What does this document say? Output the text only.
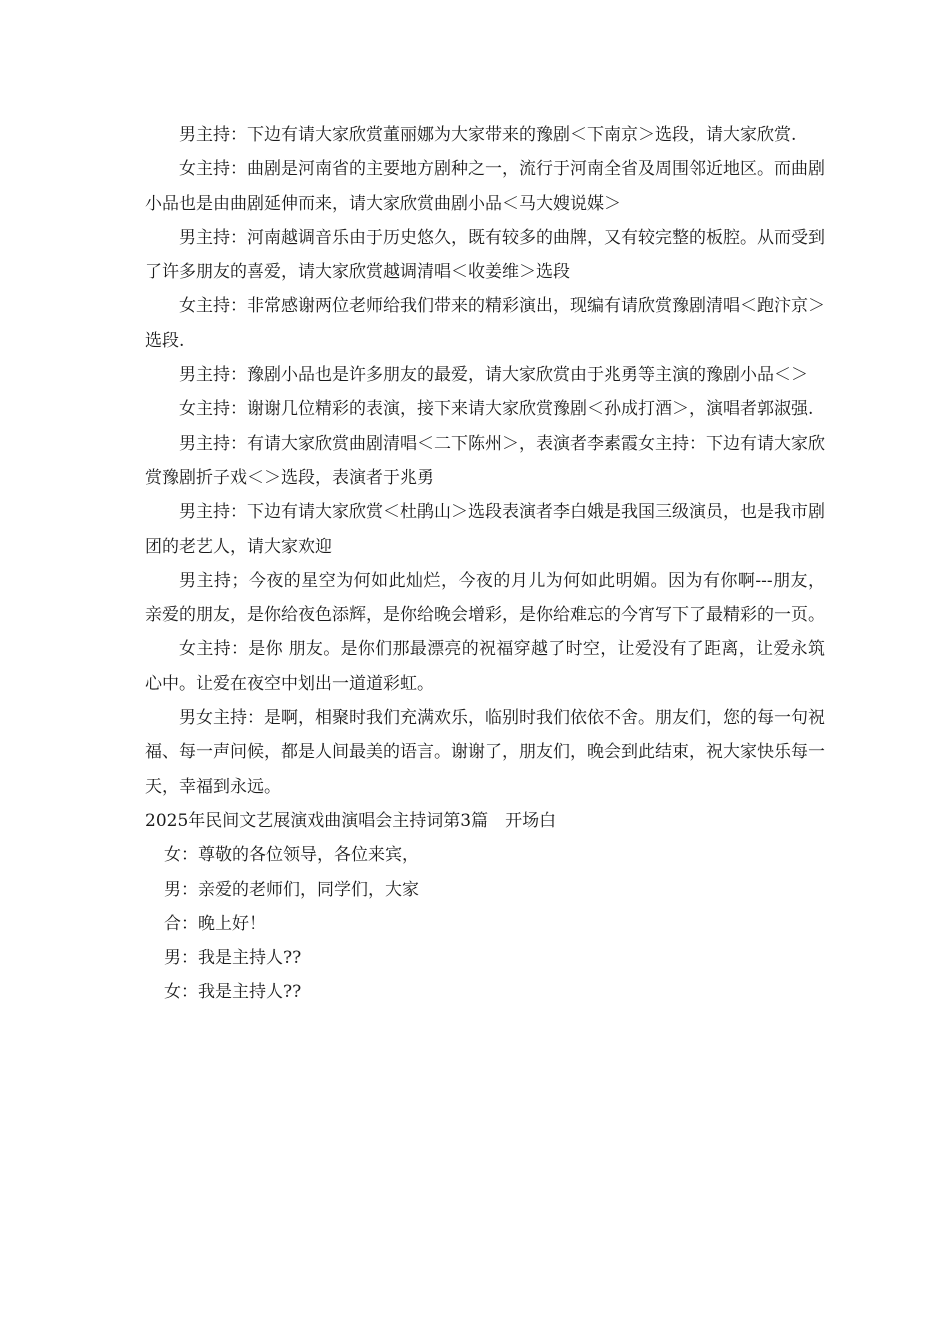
男主持：下边有请大家欣赏董丽娜为大家带来的豫剧＜下南京＞选段，请大家欣赏.

女主持：曲剧是河南省的主要地方剧种之一，流行于河南全省及周围邻近地区。而曲剧小品也是由曲剧延伸而来，请大家欣赏曲剧小品＜马大嫂说媒＞

男主持：河南越调音乐由于历史悠久，既有较多的曲牌，又有较完整的板腔。从而受到了许多朋友的喜爱，请大家欣赏越调清唱＜收姜维＞选段

女主持：非常感谢两位老师给我们带来的精彩演出，现编有请欣赏豫剧清唱＜跑汴京＞选段.

男主持：豫剧小品也是许多朋友的最爱，请大家欣赏由于兆勇等主演的豫剧小品＜＞

女主持：谢谢几位精彩的表演，接下来请大家欣赏豫剧＜孙成打酒＞，演唱者郭淑强.

男主持：有请大家欣赏曲剧清唱＜二下陈州＞，表演者李素霞女主持：下边有请大家欣赏豫剧折子戏＜＞选段，表演者于兆勇

男主持：下边有请大家欣赏＜杜鹃山＞选段表演者李白娥是我国三级演员，也是我市剧团的老艺人，请大家欢迎

男主持；今夜的星空为何如此灿烂，今夜的月儿为何如此明媚。因为有你啊---朋友，亲爱的朋友，是你给夜色添辉，是你给晚会增彩，是你给难忘的今宵写下了最精彩的一页。

女主持：是你 朋友。是你们那最漂亮的祝福穿越了时空，让爱没有了距离，让爱永筑心中。让爱在夜空中划出一道道彩虹。

男女主持：是啊，相聚时我们充满欢乐，临别时我们依依不舍。朋友们，您的每一句祝福、每一声问候，都是人间最美的语言。谢谢了，朋友们，晚会到此结束，祝大家快乐每一天，幸福到永远。

2025年民间文艺展演戏曲演唱会主持词第3篇　开场白

女：尊敬的各位领导，各位来宾，

男：亲爱的老师们，同学们，大家

合：晚上好！

男：我是主持人??

女：我是主持人??
